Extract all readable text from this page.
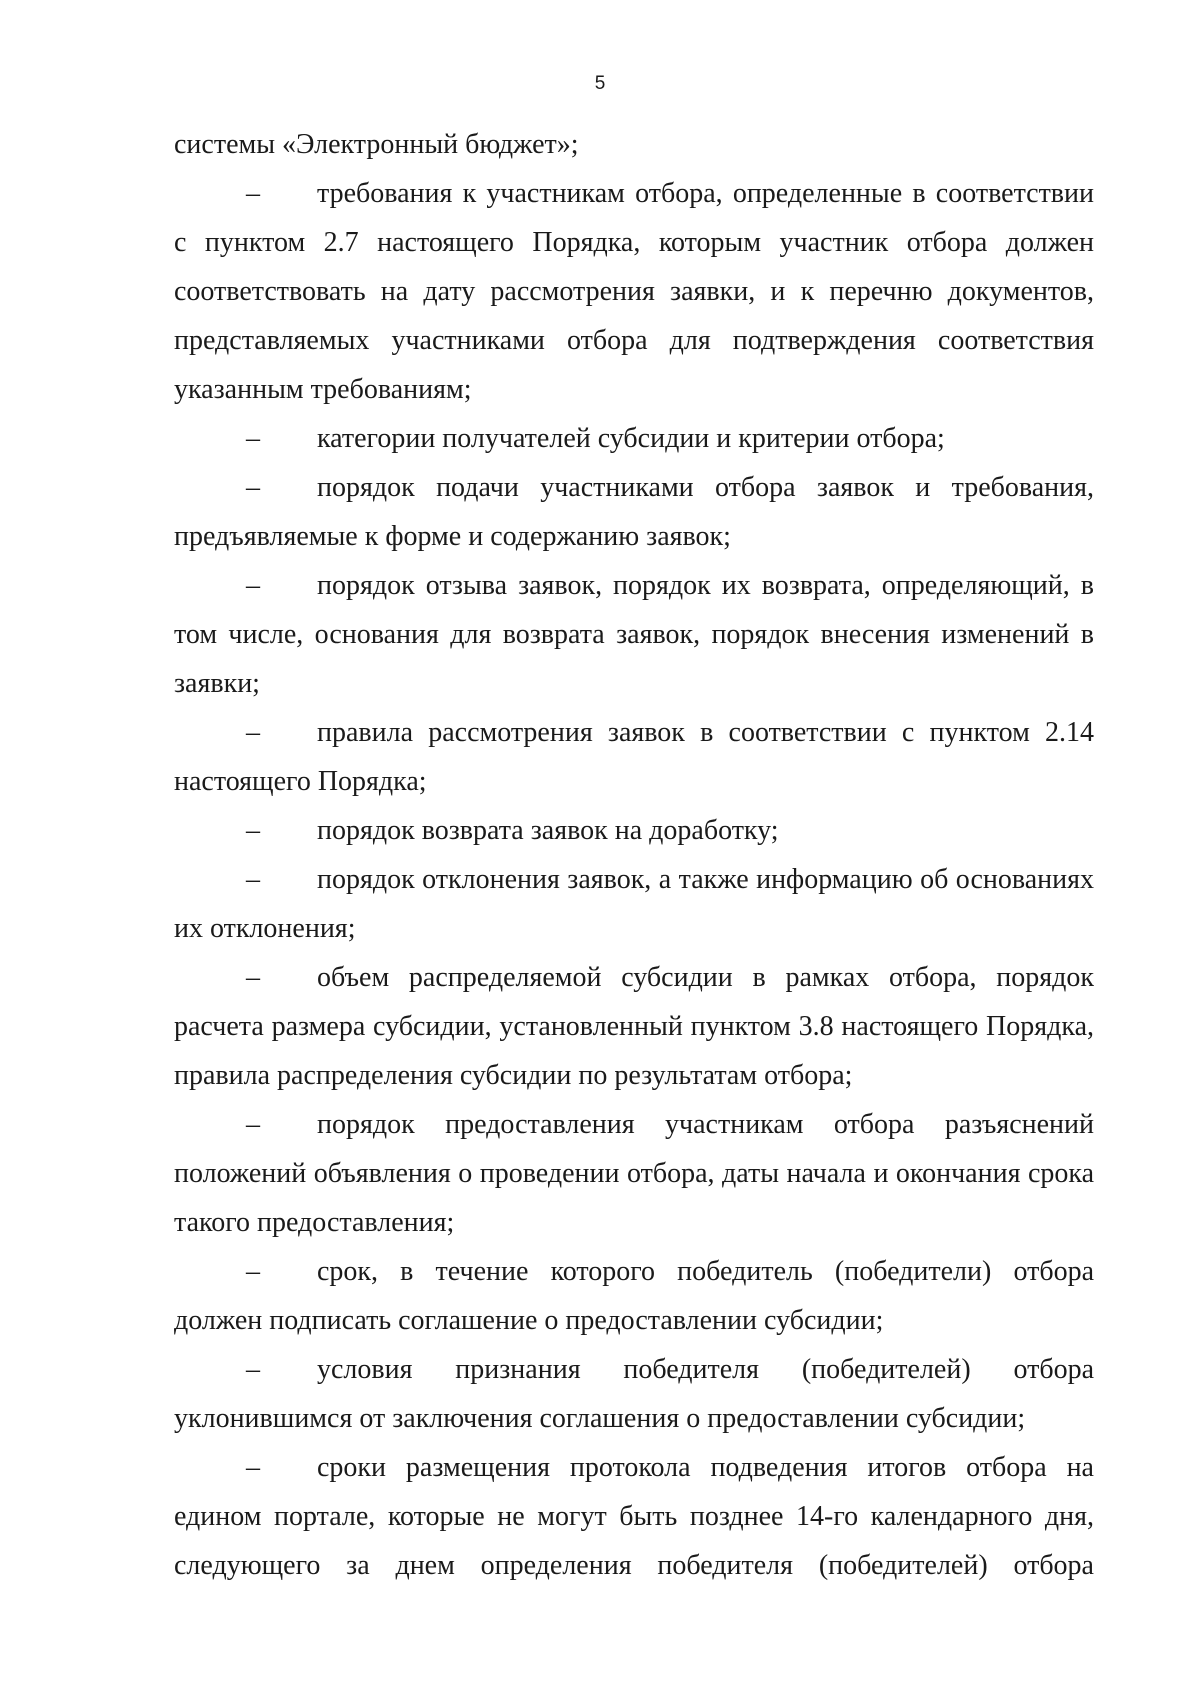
5

системы «Электронный бюджет»;

– требования к участникам отбора, определенные в соответствии с пунктом 2.7 настоящего Порядка, которым участник отбора должен соответствовать на дату рассмотрения заявки, и к перечню документов, представляемых участниками отбора для подтверждения соответствия указанным требованиям;

– категории получателей субсидии и критерии отбора;

– порядок подачи участниками отбора заявок и требования, предъявляемые к форме и содержанию заявок;

– порядок отзыва заявок, порядок их возврата, определяющий, в том числе, основания для возврата заявок, порядок внесения изменений в заявки;

– правила рассмотрения заявок в соответствии с пунктом 2.14 настоящего Порядка;

– порядок возврата заявок на доработку;

– порядок отклонения заявок, а также информацию об основаниях их отклонения;

– объем распределяемой субсидии в рамках отбора, порядок расчета размера субсидии, установленный пунктом 3.8 настоящего Порядка, правила распределения субсидии по результатам отбора;

– порядок предоставления участникам отбора разъяснений положений объявления о проведении отбора, даты начала и окончания срока такого предоставления;

– срок, в течение которого победитель (победители) отбора должен подписать соглашение о предоставлении субсидии;

– условия признания победителя (победителей) отбора уклонившимся от заключения соглашения о предоставлении субсидии;

– сроки размещения протокола подведения итогов отбора на едином портале, которые не могут быть позднее 14-го календарного дня, следующего за днем определения победителя (победителей) отбора
